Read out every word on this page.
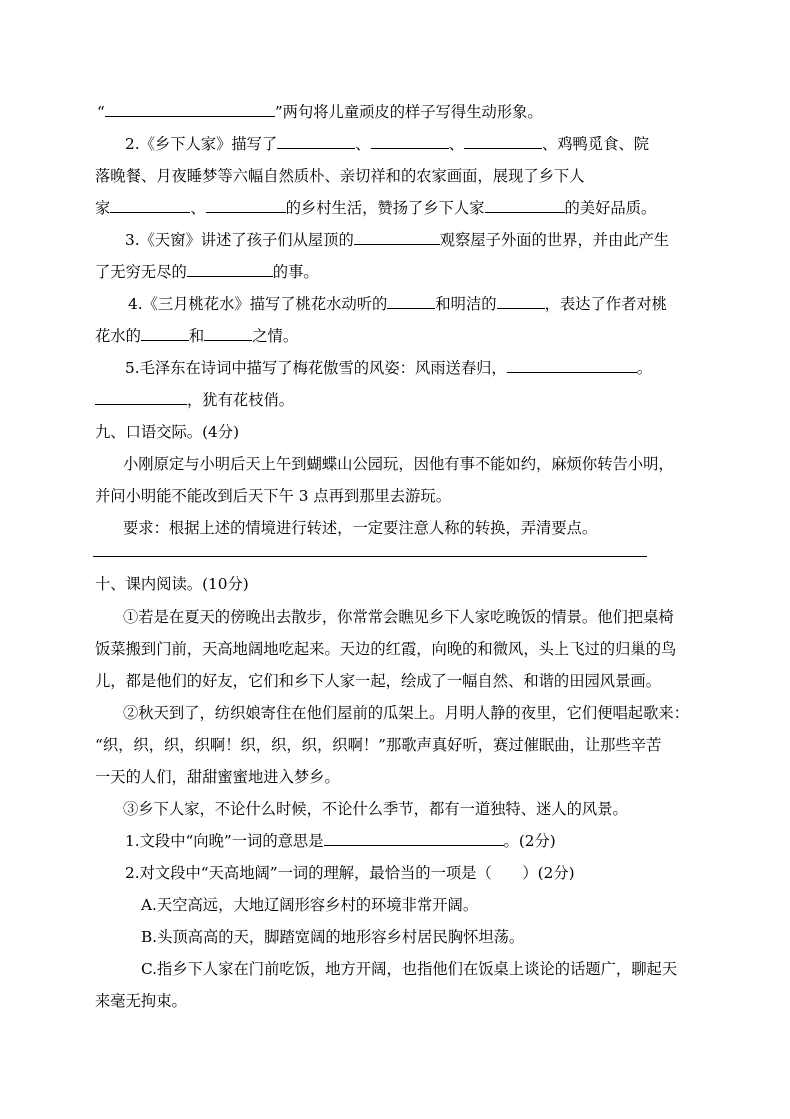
“	”两句将儿童顽皮的样子写得生动形象。
2.《乡下人家》描写了	、	、	、鸡鸭觅食、院
落晚餐、月夜睡梦等六幅自然质朴、亲切祥和的农家画面，展现了乡下人
家	、	的乡村生活，赞扬了乡下人家	的美好品质。
3.《天窗》讲述了孩子们从屋顶的	观察屋子外面的世界，并由此产生
了无穷无尽的	的事。
4.《三月桃花水》描写了桃花水动听的	和明洁的	，表达了作者对桃
花水的	和	之情。
5.毛泽东在诗词中描写了梅花傲雪的风姿：风雨送春归，	。
，犹有花枝俏。
九、口语交际。(4分)
小刚原定与小明后天上午到蝴蝶山公园玩，因他有事不能如约，麻烦你转告小明，
并问小明能不能改到后天下午 3 点再到那里去游玩。
要求：根据上述的情境进行转述，一定要注意人称的转换，弄清要点。
十、课内阅读。(10分)
①若是在夏天的傍晚出去散步，你常常会瞧见乡下人家吃晚饭的情景。他们把桌椅
饭菜搬到门前，天高地阔地吃起来。天边的红霞，向晚的和微风，头上飞过的归巢的鸟
儿，都是他们的好友，它们和乡下人家一起，绘成了一幅自然、和谐的田园风景画。
②秋天到了，纺织娘寄住在他们屋前的瓜架上。月明人静的夜里，它们便唱起歌来：
“织，织，织，织啊！织，织，织，织啊！”那歌声真好听，赛过催眠曲，让那些辛苦
一天的人们，甜甜蜜蜜地进入梦乡。
③乡下人家，不论什么时候，不论什么季节，都有一道独特、迷人的风景。
1.文段中“向晚”一词的意思是	。(2分)
2.对文段中“天高地阔”一词的理解，最恰当的一项是（　　）(2分)
A.天空高远，大地辽阔形容乡村的环境非常开阔。
B.头顶高高的天，脚踏宽阔的地形容乡村居民胸怀坦荡。
C.指乡下人家在门前吃饭，地方开阔，也指他们在饭桌上谈论的话题广，聊起天
来毫无拘束。
